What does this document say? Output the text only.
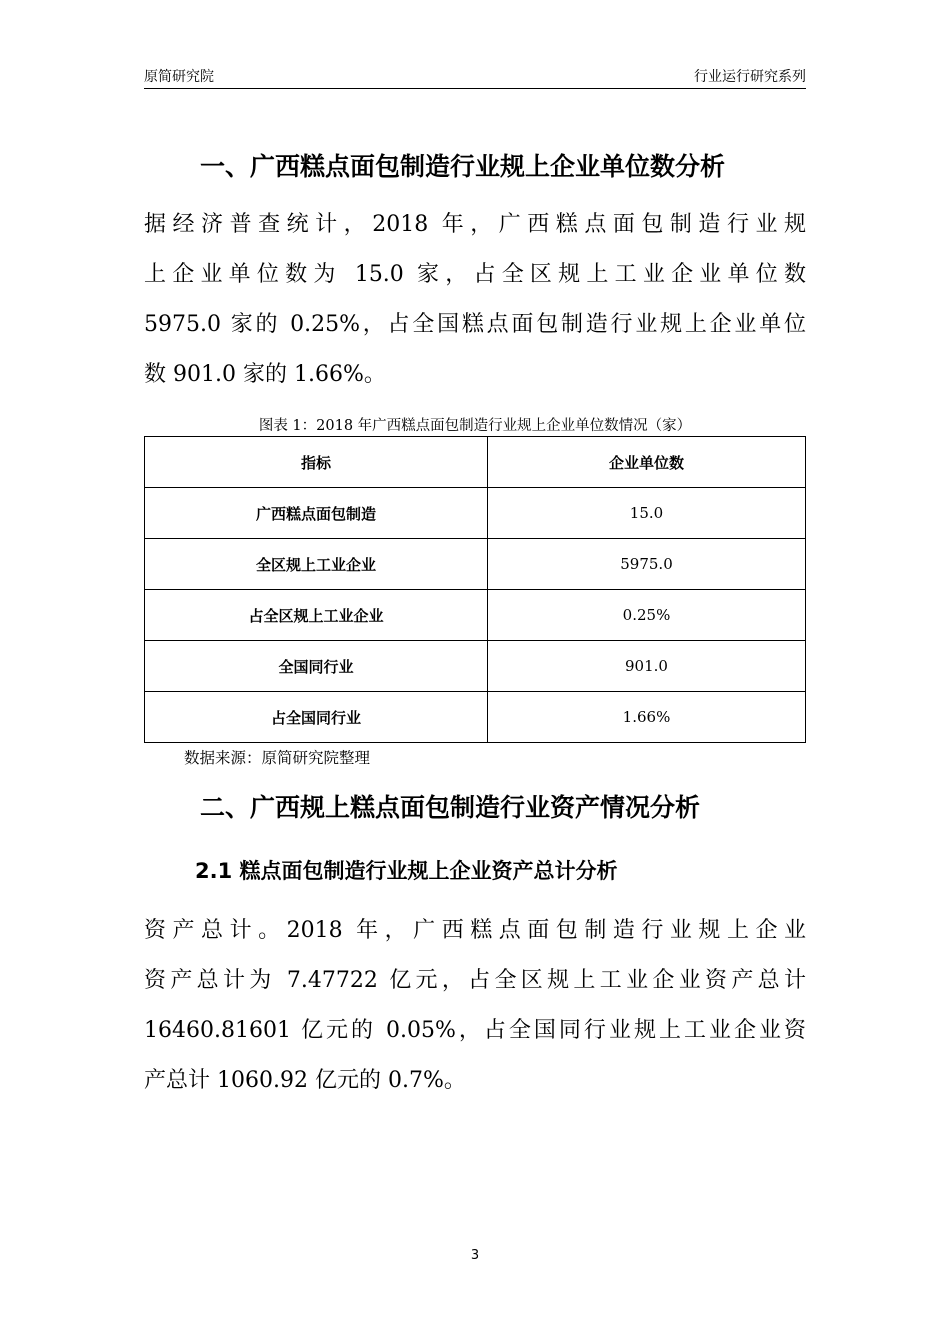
原简研究院	行业运行研究系列
一、广西糕点面包制造行业规上企业单位数分析
据经济普查统计，2018 年，广西糕点面包制造行业规
上企业单位数为 15.0 家，占全区规上工业企业单位数
5975.0 家的 0.25%，占全国糕点面包制造行业规上企业单位
数 901.0 家的 1.66%。
图表 1：2018 年广西糕点面包制造行业规上企业单位数情况（家）
指标	企业单位数
广西糕点面包制造	15.0
全区规上工业企业	5975.0
占全区规上工业企业	0.25%
全国同行业	901.0
占全国同行业	1.66%
数据来源：原简研究院整理
二、广西规上糕点面包制造行业资产情况分析
2.1 糕点面包制造行业规上企业资产总计分析
资产总计。2018 年，广西糕点面包制造行业规上企业
资产总计为 7.47722 亿元，占全区规上工业企业资产总计
16460.81601 亿元的 0.05%，占全国同行业规上工业企业资
产总计 1060.92 亿元的 0.7%。
3
